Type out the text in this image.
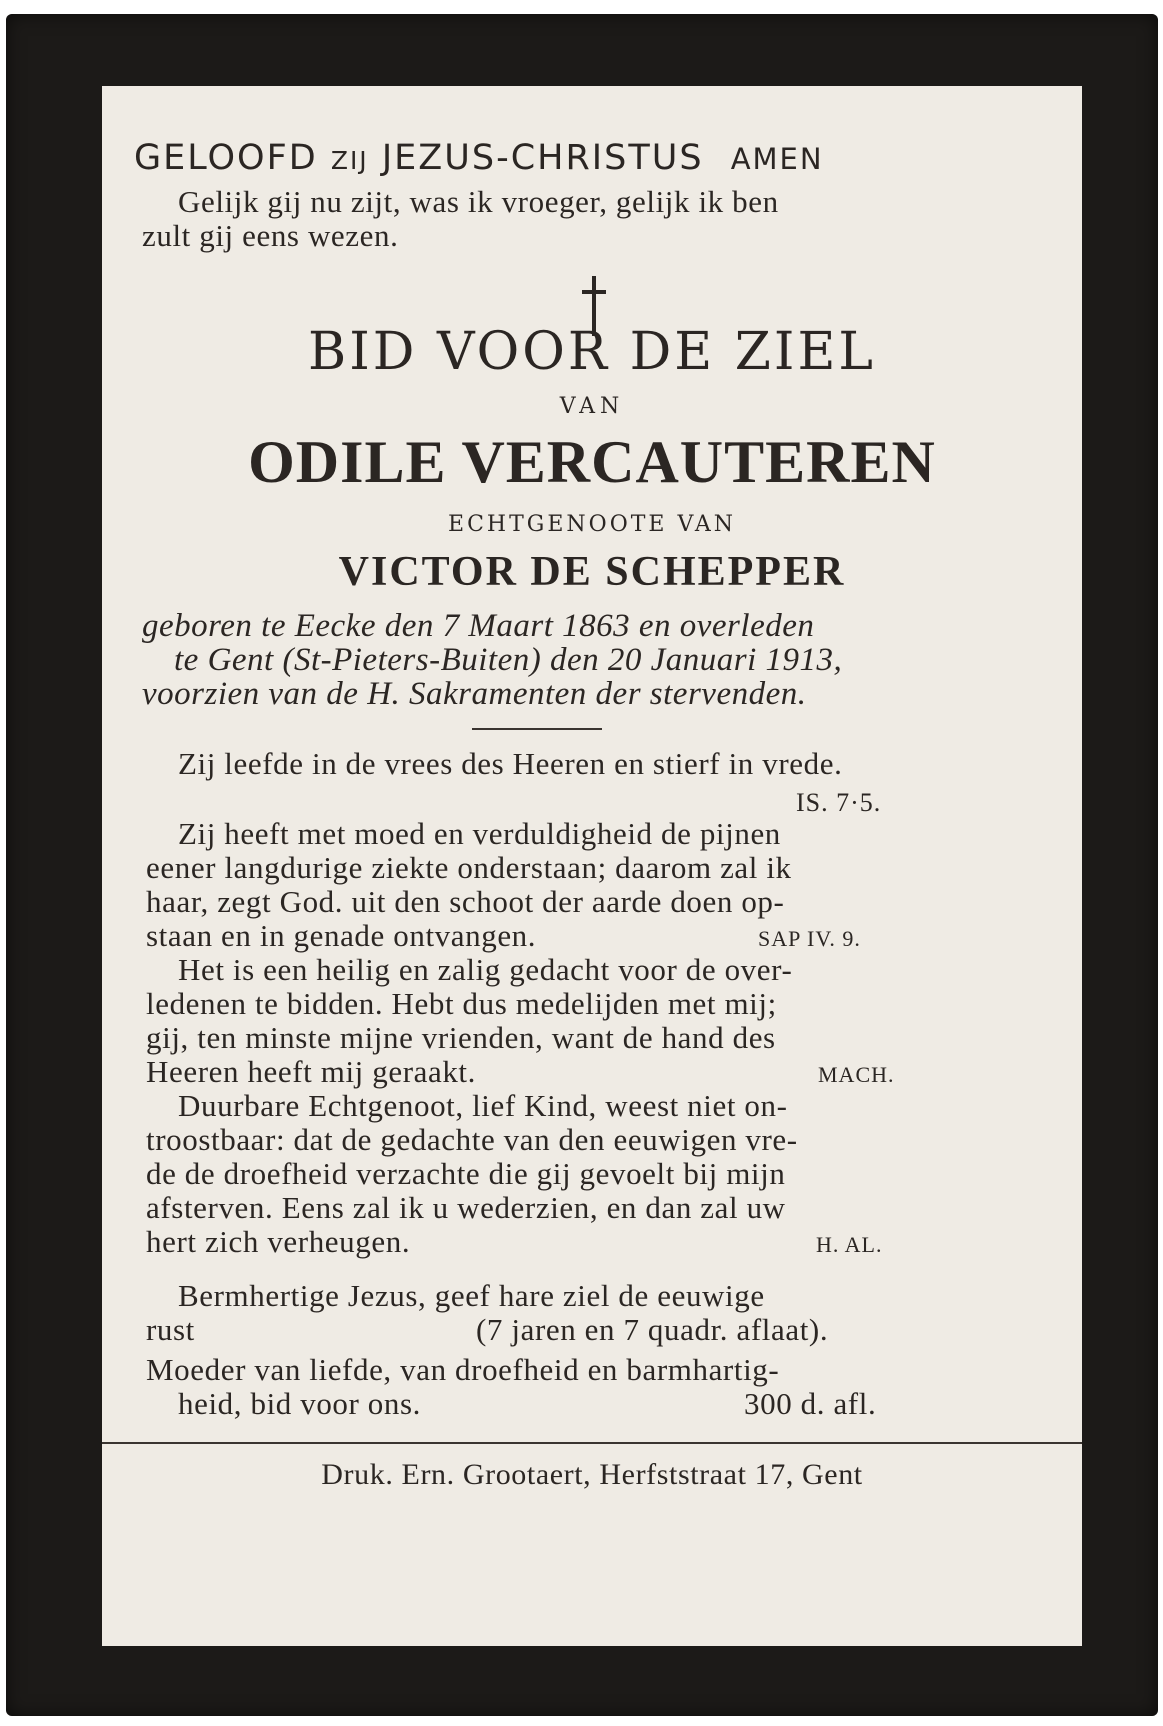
GELOOFD ZIJ JEZUS-CHRISTUS AMEN
Gelijk gij nu zijt, was ik vroeger, gelijk ik ben
zult gij eens wezen.
BID VOOR DE ZIEL
VAN
ODILE VERCAUTEREN
ECHTGENOOTE VAN
VICTOR DE SCHEPPER
geboren te Eecke den 7 Maart 1863 en overleden
te Gent (St-Pieters-Buiten) den 20 Januari 1913,
voorzien van de H. Sakramenten der stervenden.
Zij leefde in de vrees des Heeren en stierf in vrede.
IS. 7·5.
Zij heeft met moed en verduldigheid de pijnen
eener langdurige ziekte onderstaan; daarom zal ik
haar, zegt God. uit den schoot der aarde doen op-
staan en in genade ontvangen.	SAP IV. 9.
Het is een heilig en zalig gedacht voor de over-
ledenen te bidden. Hebt dus medelijden met mij;
gij, ten minste mijne vrienden, want de hand des
Heeren heeft mij geraakt.	MACH.
Duurbare Echtgenoot, lief Kind, weest niet on-
troostbaar: dat de gedachte van den eeuwigen vre-
de de droefheid verzachte die gij gevoelt bij mijn
afsterven. Eens zal ik u wederzien, en dan zal uw
hert zich verheugen.	H. AL.
Bermhertige Jezus, geef hare ziel de eeuwige
rust	(7 jaren en 7 quadr. aflaat).
Moeder van liefde, van droefheid en barmhartig-
heid, bid voor ons.	300 d. afl.
Druk. Ern. Grootaert, Herfststraat 17, Gent
